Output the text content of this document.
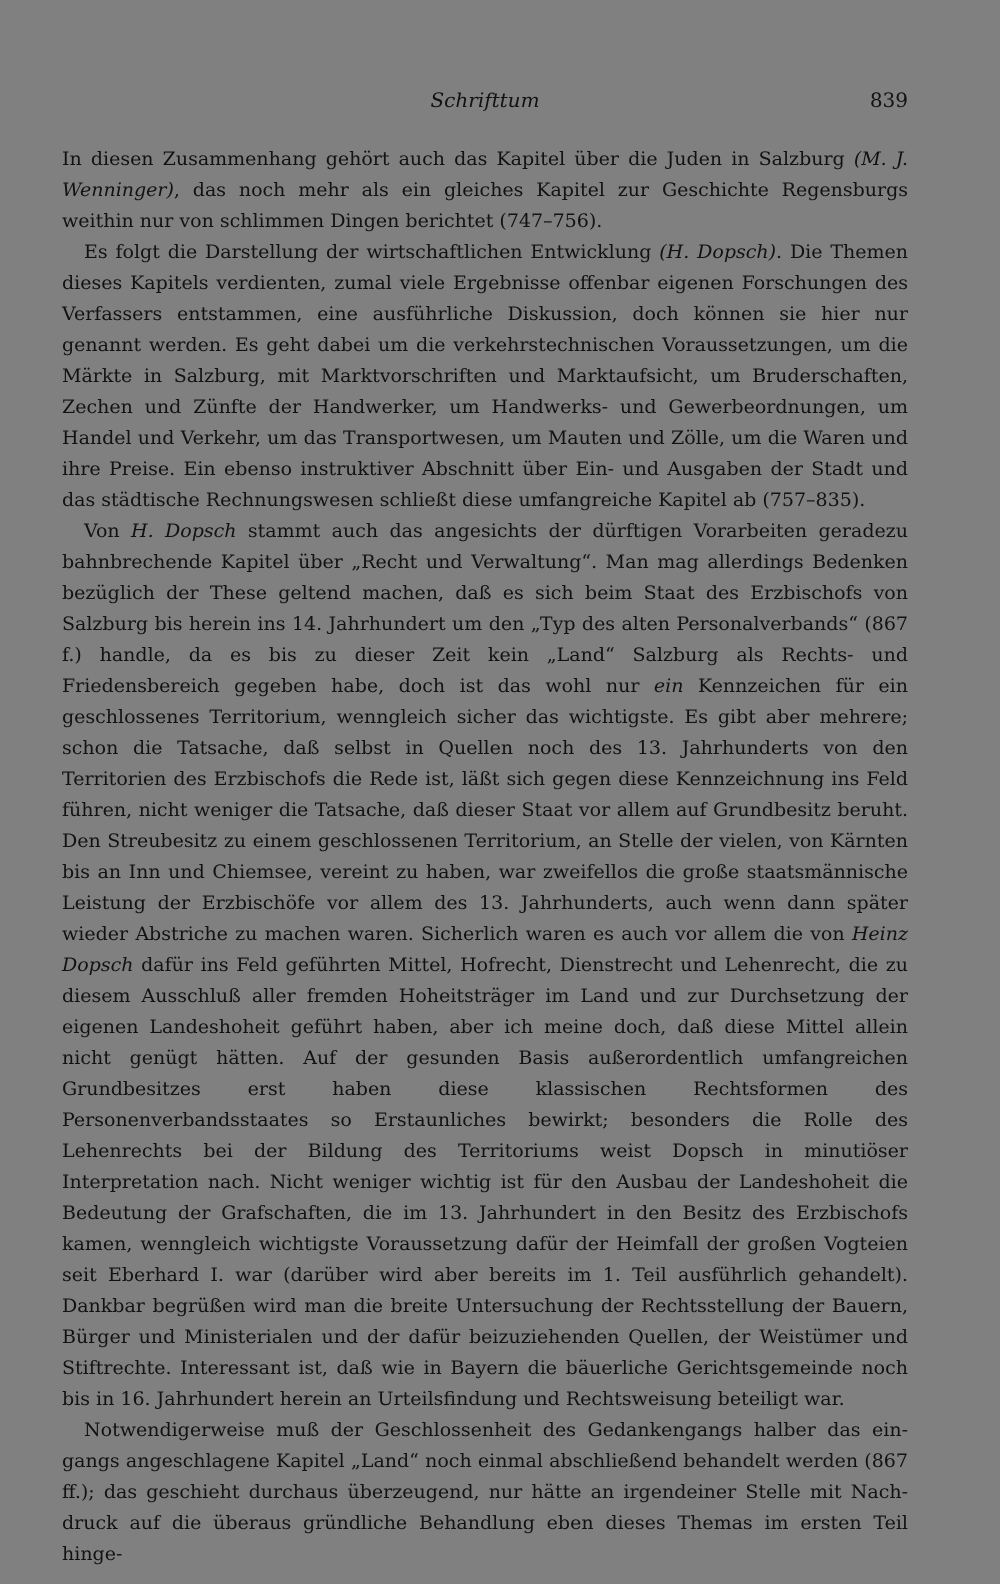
Schrifttum	839

In diesen Zusammenhang gehört auch das Kapitel über die Juden in Salzburg (M. J. Wenninger), das noch mehr als ein gleiches Kapitel zur Geschichte Regensburgs weithin nur von schlimmen Dingen berichtet (747–756).

Es folgt die Darstellung der wirtschaftlichen Entwicklung (H. Dopsch). Die Themen dieses Kapitels verdienten, zumal viele Ergebnisse offenbar eigenen Forschungen des Verfassers entstammen, eine ausführliche Diskussion, doch können sie hier nur genannt werden. Es geht dabei um die verkehrstechnischen Voraussetzungen, um die Märkte in Salzburg, mit Marktvorschriften und Marktaufsicht, um Bruderschaften, Zechen und Zünfte der Handwerker, um Handwerks- und Gewerbeordnungen, um Handel und Verkehr, um das Transportwesen, um Mauten und Zölle, um die Waren und ihre Preise. Ein ebenso instruktiver Abschnitt über Ein- und Ausgaben der Stadt und das städtische Rechnungswesen schließt diese umfangreiche Kapitel ab (757–835).

Von H. Dopsch stammt auch das angesichts der dürftigen Vorarbeiten geradezu bahnbrechende Kapitel über „Recht und Verwaltung“. Man mag allerdings Bedenken bezüglich der These geltend machen, daß es sich beim Staat des Erzbischofs von Salzburg bis herein ins 14. Jahrhundert um den „Typ des alten Personalverbands“ (867 f.) handle, da es bis zu dieser Zeit kein „Land“ Salzburg als Rechts- und Friedensbereich gegeben habe, doch ist das wohl nur ein Kennzeichen für ein geschlossenes Territorium, wenngleich sicher das wichtigste. Es gibt aber mehrere; schon die Tatsache, daß selbst in Quellen noch des 13. Jahrhunderts von den Territorien des Erzbischofs die Rede ist, läßt sich gegen diese Kennzeichnung ins Feld führen, nicht weniger die Tatsache, daß dieser Staat vor allem auf Grundbesitz beruht. Den Streubesitz zu einem geschlossenen Territorium, an Stelle der vielen, von Kärnten bis an Inn und Chiemsee, vereint zu haben, war zweifellos die große staatsmännische Leistung der Erzbischöfe vor allem des 13. Jahrhunderts, auch wenn dann später wieder Abstriche zu machen waren. Sicherlich waren es auch vor allem die von Heinz Dopsch dafür ins Feld geführten Mittel, Hofrecht, Dienstrecht und Lehenrecht, die zu diesem Ausschluß aller fremden Hoheitsträger im Land und zur Durchsetzung der eigenen Landeshoheit geführt haben, aber ich meine doch, daß diese Mittel allein nicht genügt hätten. Auf der gesunden Basis außerordentlich umfangreichen Grundbesitzes erst haben diese klassischen Rechtsformen des Personenverbandsstaates so Erstaunliches bewirkt; besonders die Rolle des Lehenrechts bei der Bildung des Territoriums weist Dopsch in minutiöser Interpretation nach. Nicht weniger wichtig ist für den Ausbau der Landeshoheit die Bedeutung der Grafschaften, die im 13. Jahrhundert in den Besitz des Erzbischofs kamen, wenngleich wichtigste Voraussetzung dafür der Heimfall der großen Vogteien seit Eberhard I. war (darüber wird aber bereits im 1. Teil ausführlich gehandelt). Dankbar begrüßen wird man die breite Untersuchung der Rechtsstellung der Bauern, Bürger und Ministerialen und der dafür beizuziehenden Quellen, der Weistümer und Stiftrechte. Interessant ist, daß wie in Bayern die bäuerliche Gerichtsgemeinde noch bis in 16. Jahrhundert herein an Urteilsfindung und Rechtsweisung beteiligt war.

Notwendigerweise muß der Geschlossenheit des Gedankengangs halber das eingangs angeschlagene Kapitel „Land“ noch einmal abschließend behandelt werden (867 ff.); das geschieht durchaus überzeugend, nur hätte an irgendeiner Stelle mit Nachdruck auf die überaus gründliche Behandlung eben dieses Themas im ersten Teil hinge-
